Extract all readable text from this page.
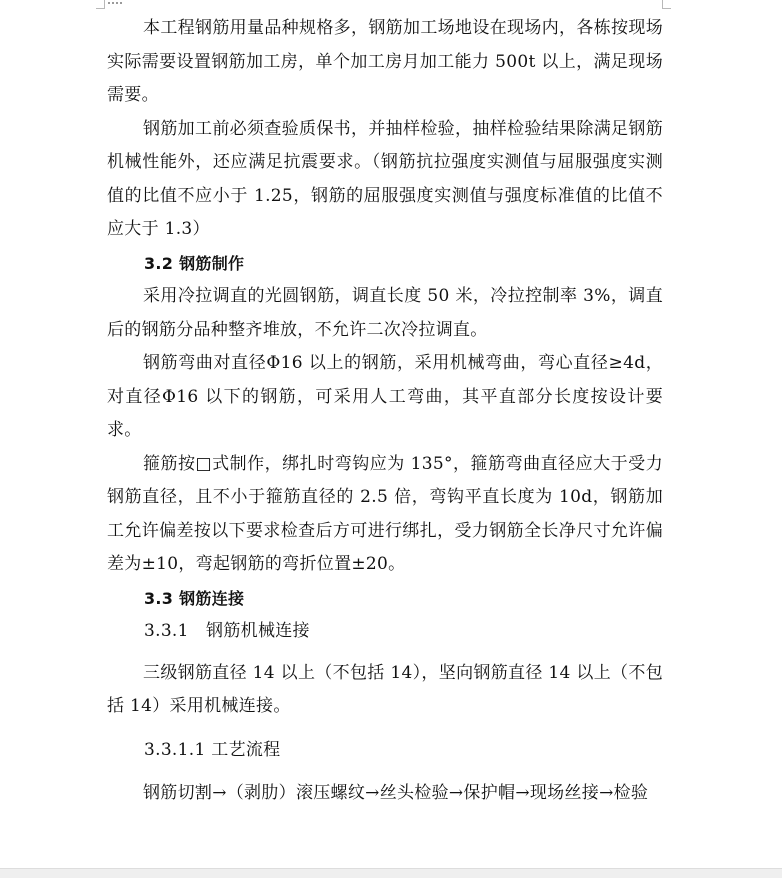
本工程钢筋用量品种规格多，钢筋加工场地设在现场内，各栋按现场实际需要设置钢筋加工房，单个加工房月加工能力 500t 以上，满足现场需要。

钢筋加工前必须查验质保书，并抽样检验，抽样检验结果除满足钢筋机械性能外，还应满足抗震要求。（钢筋抗拉强度实测值与屈服强度实测值的比值不应小于 1.25，钢筋的屈服强度实测值与强度标准值的比值不应大于 1.3）

3.2 钢筋制作

采用冷拉调直的光圆钢筋，调直长度 50 米，冷拉控制率 3%，调直后的钢筋分品种整齐堆放，不允许二次冷拉调直。

钢筋弯曲对直径Φ16 以上的钢筋，采用机械弯曲，弯心直径≥4d，对直径Φ16 以下的钢筋，可采用人工弯曲，其平直部分长度按设计要求。

箍筋按□式制作，绑扎时弯钩应为 135°，箍筋弯曲直径应大于受力钢筋直径，且不小于箍筋直径的 2.5 倍，弯钩平直长度为 10d，钢筋加工允许偏差按以下要求检查后方可进行绑扎，受力钢筋全长净尺寸允许偏差为±10，弯起钢筋的弯折位置±20。

3.3 钢筋连接

3.3.1　钢筋机械连接

三级钢筋直径 14 以上（不包括 14），坚向钢筋直径 14 以上（不包括 14）采用机械连接。

3.3.1.1 工艺流程

钢筋切割→（剥肋）滚压螺纹→丝头检验→保护帽→现场丝接→检验
